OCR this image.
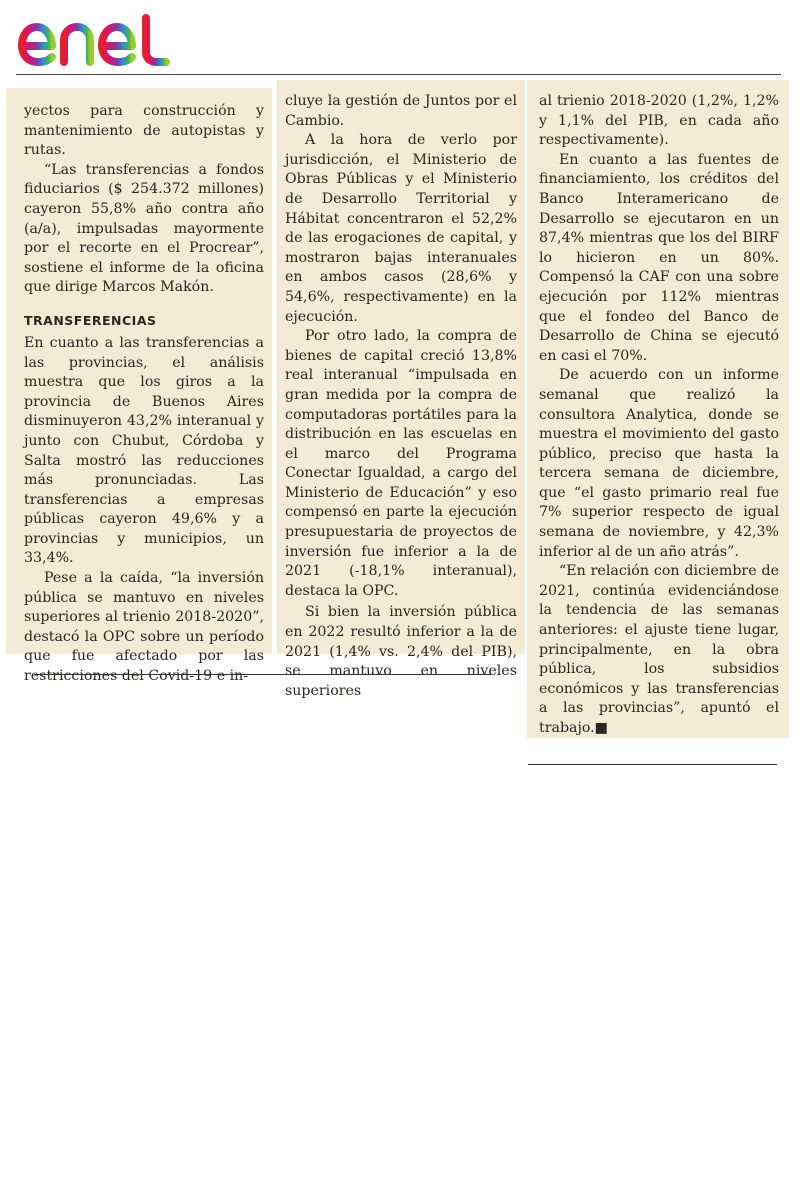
yectos para construcción y mantenimiento de autopistas y rutas.

“Las transferencias a fondos fiduciarios ($ 254.372 millones) cayeron 55,8% año contra año (a/a), impulsadas mayormente por el recorte en el Procrear”, sostiene el informe de la oficina que dirige Marcos Makón.

TRANSFERENCIAS

En cuanto a las transferencias a las provincias, el análisis muestra que los giros a la provincia de Buenos Aires disminuyeron 43,2% interanual y junto con Chubut, Córdoba y Salta mostró las reducciones más pronunciadas. Las transferencias a empresas públicas cayeron 49,6% y a provincias y municipios, un 33,4%.

Pese a la caída, “la inversión pública se mantuvo en niveles superiores al trienio 2018-2020”, destacó la OPC sobre un período que fue afectado por las restricciones del Covid-19 e in-

cluye la gestión de Juntos por el Cambio.

A la hora de verlo por jurisdicción, el Ministerio de Obras Públicas y el Ministerio de Desarrollo Territorial y Hábitat concentraron el 52,2% de las erogaciones de capital, y mostraron bajas interanuales en ambos casos (28,6% y 54,6%, respectivamente) en la ejecución.

Por otro lado, la compra de bienes de capital creció 13,8% real interanual “impulsada en gran medida por la compra de computadoras portátiles para la distribución en las escuelas en el marco del Programa Conectar Igualdad, a cargo del Ministerio de Educación” y eso compensó en parte la ejecución presupuestaria de proyectos de inversión fue inferior a la de 2021 (-18,1% interanual), destaca la OPC.

Si bien la inversión pública en 2022 resultó inferior a la de 2021 (1,4% vs. 2,4% del PIB), se mantuvo en niveles superiores

al trienio 2018-2020 (1,2%, 1,2% y 1,1% del PIB, en cada año respectivamente).

En cuanto a las fuentes de financiamiento, los créditos del Banco Interamericano de Desarrollo se ejecutaron en un 87,4% mientras que los del BIRF lo hicieron en un 80%. Compensó la CAF con una sobre ejecución por 112% mientras que el fondeo del Banco de Desarrollo de China se ejecutó en casi el 70%.

De acuerdo con un informe semanal que realizó la consultora Analytica, donde se muestra el movimiento del gasto público, preciso que hasta la tercera semana de diciembre, que “el gasto primario real fue 7% superior respecto de igual semana de noviembre, y 42,3% inferior al de un año atrás”.

“En relación con diciembre de 2021, continúa evidenciándose la tendencia de las semanas anteriores: el ajuste tiene lugar, principalmente, en la obra pública, los subsidios económicos y las transferencias a las provincias”, apuntó el trabajo.■
